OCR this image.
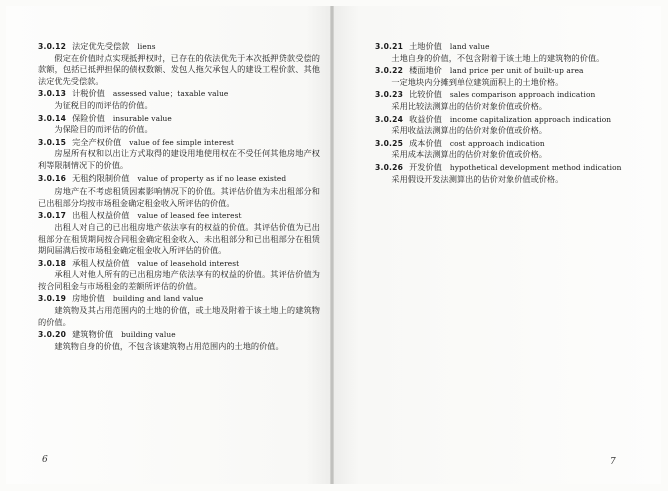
3.0.12 法定优先受偿款 liens
假定在价值时点实现抵押权时，已存在的依法优先于本次抵押贷款受偿的款额，包括已抵押担保的债权数额、发包人拖欠承包人的建设工程价款、其他法定优先受偿款。
3.0.13 计税价值 assessed value；taxable value
为征税目的而评估的价值。
3.0.14 保险价值 insurable value
为保险目的而评估的价值。
3.0.15 完全产权价值 value of fee simple interest
房屋所有权和以出让方式取得的建设用地使用权在不受任何其他房地产权利等限制情况下的价值。
3.0.16 无租约限制价值 value of property as if no lease existed
房地产在不考虑租赁因素影响情况下的价值。其评估价值为未出租部分和已出租部分均按市场租金确定租金收入所评估的价值。
3.0.17 出租人权益价值 value of leased fee interest
出租人对自己的已出租房地产依法享有的权益的价值。其评估价值为已出租部分在租赁期间按合同租金确定租金收入、未出租部分和已出租部分在租赁期间届满后按市场租金确定租金收入所评估的价值。
3.0.18 承租人权益价值 value of leasehold interest
承租人对他人所有的已出租房地产依法享有的权益的价值。其评估价值为按合同租金与市场租金的差额所评估的价值。
3.0.19 房地价值 building and land value
建筑物及其占用范围内的土地的价值，或土地及附着于该土地上的建筑物的价值。
3.0.20 建筑物价值 building value
建筑物自身的价值，不包含该建筑物占用范围内的土地的价值。
3.0.21 土地价值 land value
土地自身的价值，不包含附着于该土地上的建筑物的价值。
3.0.22 楼面地价 land price per unit of built-up area
一定地块内分摊到单位建筑面积上的土地价格。
3.0.23 比较价值 sales comparison approach indication
采用比较法测算出的估价对象价值或价格。
3.0.24 收益价值 income capitalization approach indication
采用收益法测算出的估价对象价值或价格。
3.0.25 成本价值 cost approach indication
采用成本法测算出的估价对象价值或价格。
3.0.26 开发价值 hypothetical development method indication
采用假设开发法测算出的估价对象价值或价格。
6	7
